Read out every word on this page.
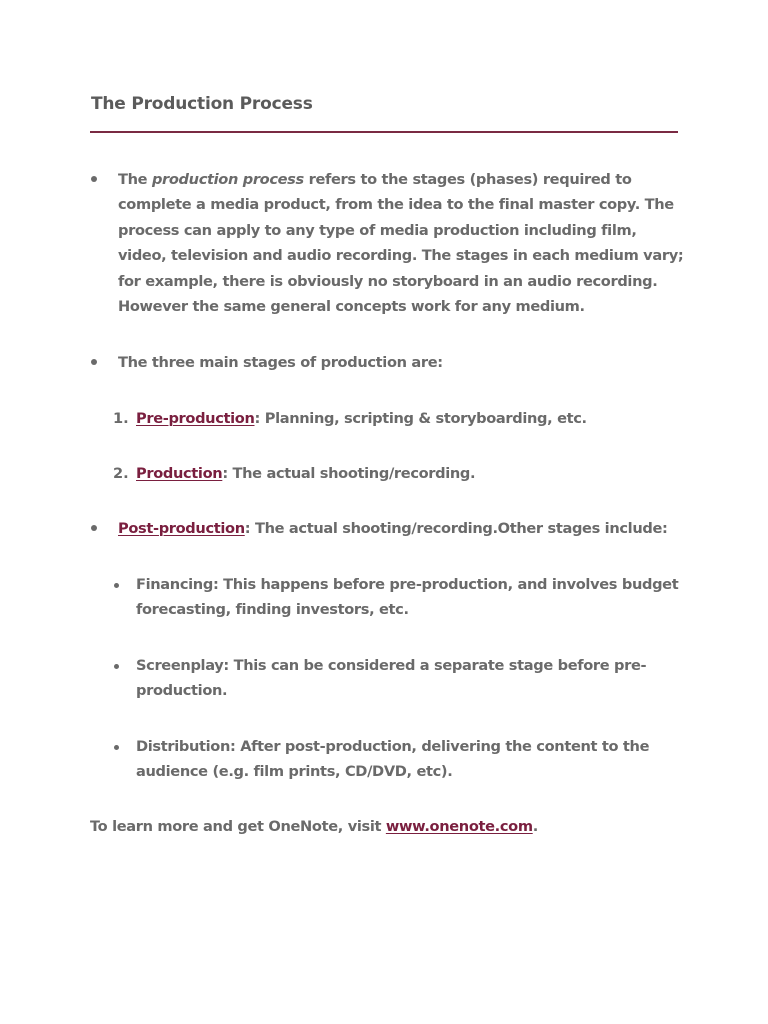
The Production Process
The production process refers to the stages (phases) required to
complete a media product, from the idea to the final master copy. The
process can apply to any type of media production including film,
video, television and audio recording. The stages in each medium vary;
for example, there is obviously no storyboard in an audio recording.
However the same general concepts work for any medium.
The three main stages of production are:
1. Pre-production: Planning, scripting & storyboarding, etc.
2. Production: The actual shooting/recording.
Post-production: The actual shooting/recording.Other stages include:
Financing: This happens before pre-production, and involves budget
forecasting, finding investors, etc.
Screenplay: This can be considered a separate stage before pre-
production.
Distribution: After post-production, delivering the content to the
audience (e.g. film prints, CD/DVD, etc).
To learn more and get OneNote, visit www.onenote.com.
